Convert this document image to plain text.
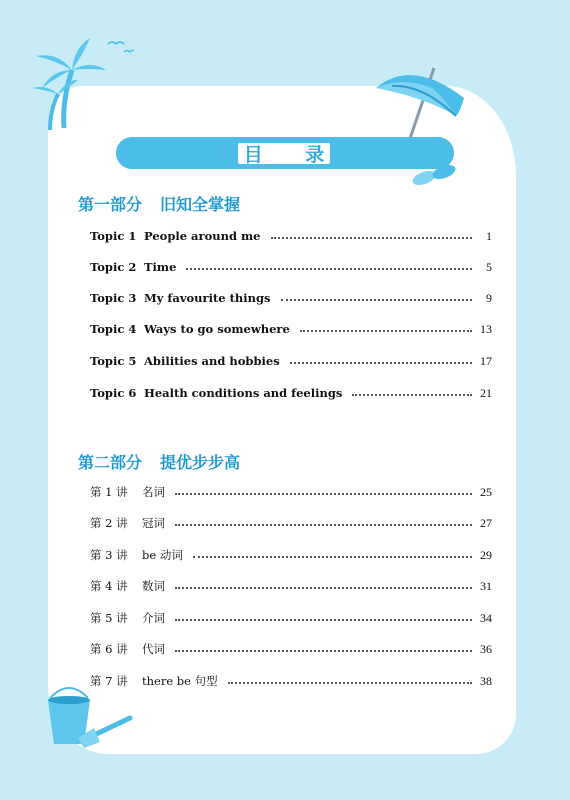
目 录
第一部分 旧知全掌握
Topic 1 People around me	1
Topic 2 Time	5
Topic 3 My favourite things	9
Topic 4 Ways to go somewhere	13
Topic 5 Abilities and hobbies	17
Topic 6 Health conditions and feelings	21
第二部分 提优步步高
第 1 讲	名词	25
第 2 讲	冠词	27
第 3 讲	be 动词	29
第 4 讲	数词	31
第 5 讲	介词	34
第 6 讲	代词	36
第 7 讲	there be 句型	38
